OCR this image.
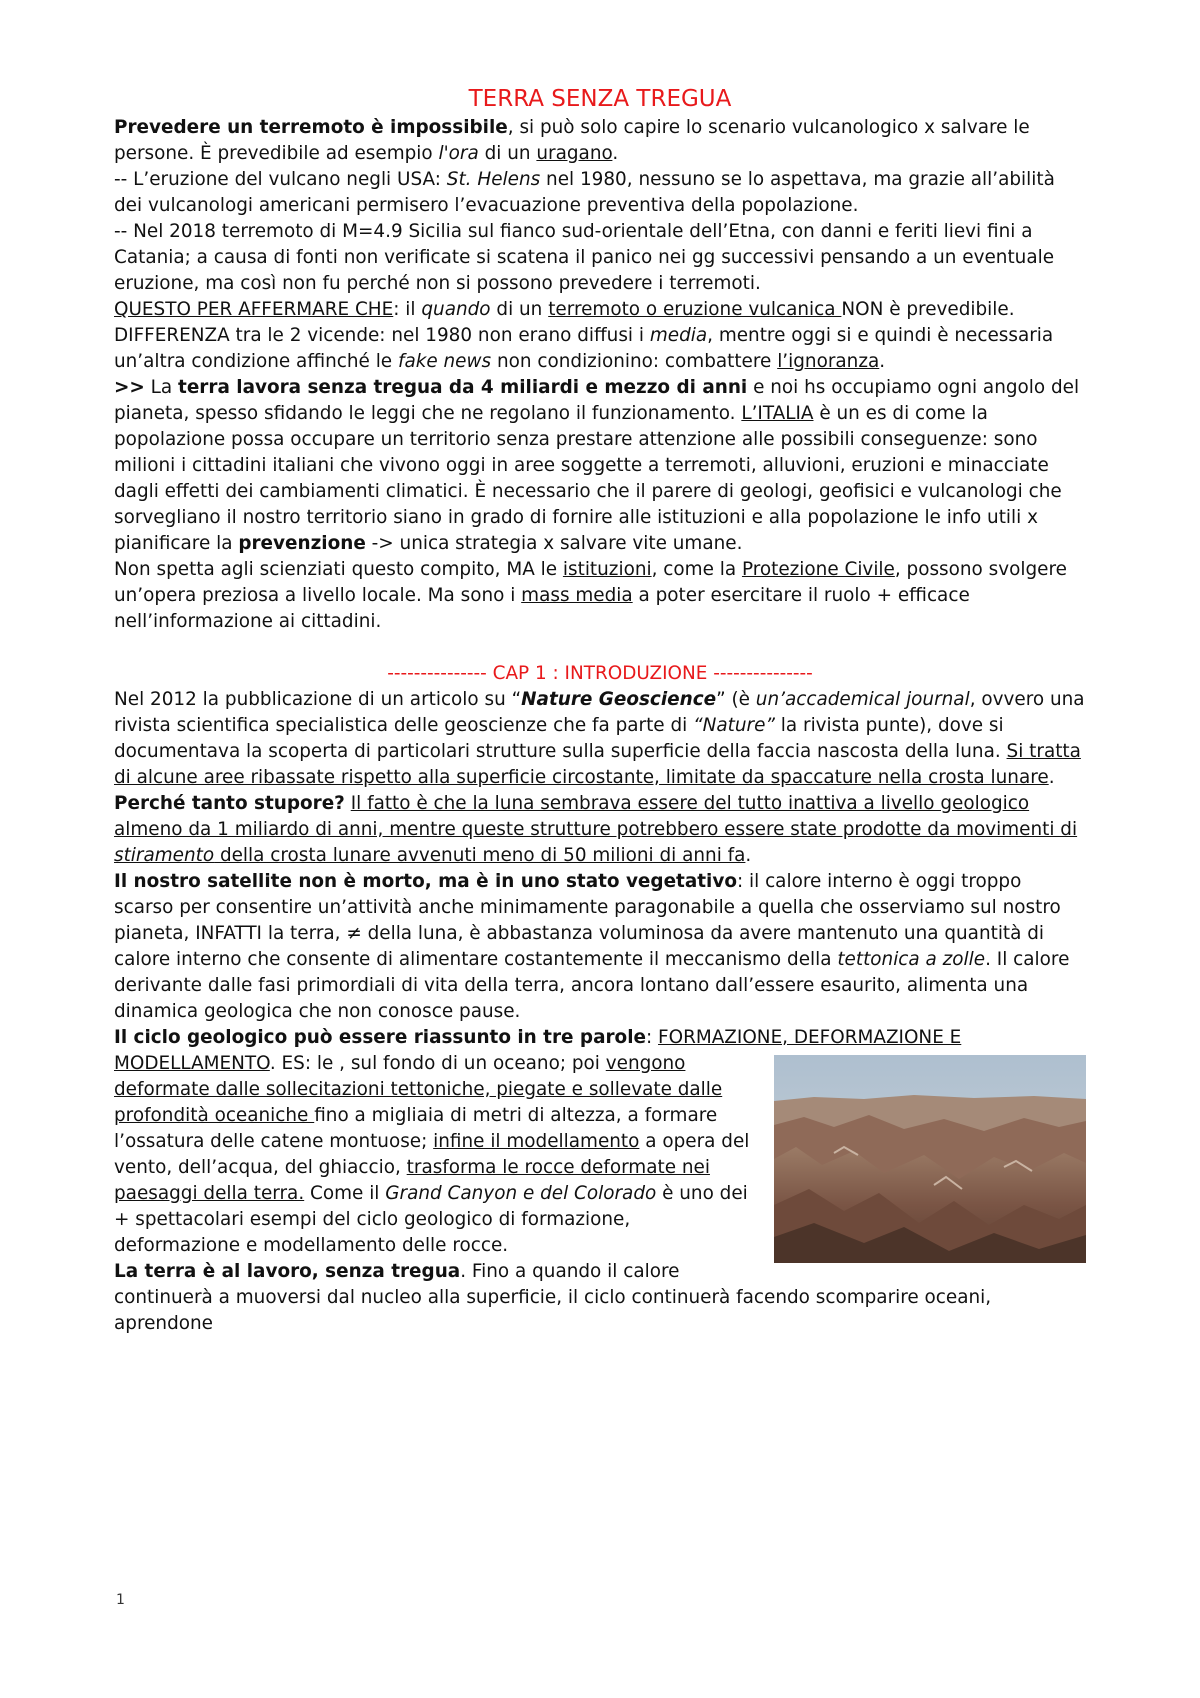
TERRA SENZA TREGUA

Prevedere un terremoto è impossibile, si può solo capire lo scenario vulcanologico x salvare le persone. È prevedibile ad esempio l'ora di un uragano.

-- L’eruzione del vulcano negli USA: St. Helens nel 1980, nessuno se lo aspettava, ma grazie all’abilità dei vulcanologi americani permisero l’evacuazione preventiva della popolazione.

-- Nel 2018 terremoto di M=4.9 Sicilia sul fianco sud-orientale dell’Etna, con danni e feriti lievi fini a Catania; a causa di fonti non verificate si scatena il panico nei gg successivi pensando a un eventuale eruzione, ma così non fu perché non si possono prevedere i terremoti.

QUESTO PER AFFERMARE CHE: il quando di un terremoto o eruzione vulcanica NON è prevedibile. DIFFERENZA tra le 2 vicende: nel 1980 non erano diffusi i media, mentre oggi si e quindi è necessaria un’altra condizione affinché le fake news non condizionino: combattere l’ignoranza.

>> La terra lavora senza tregua da 4 miliardi e mezzo di anni e noi hs occupiamo ogni angolo del pianeta, spesso sfidando le leggi che ne regolano il funzionamento. L’ITALIA è un es di come la popolazione possa occupare un territorio senza prestare attenzione alle possibili conseguenze: sono milioni i cittadini italiani che vivono oggi in aree soggette a terremoti, alluvioni, eruzioni e minacciate dagli effetti dei cambiamenti climatici. È necessario che il parere di geologi, geofisici e vulcanologi che sorvegliano il nostro territorio siano in grado di fornire alle istituzioni e alla popolazione le info utili x pianificare la prevenzione -> unica strategia x salvare vite umane.

Non spetta agli scienziati questo compito, MA le istituzioni, come la Protezione Civile, possono svolgere un’opera preziosa a livello locale. Ma sono i mass media a poter esercitare il ruolo + efficace nell’informazione ai cittadini.

--------------- CAP 1 : INTRODUZIONE ---------------

Nel 2012 la pubblicazione di un articolo su “Nature Geoscience” (è un’accademical journal, ovvero una rivista scientifica specialistica delle geoscienze che fa parte di “Nature” la rivista punte), dove si documentava la scoperta di particolari strutture sulla superficie della faccia nascosta della luna. Si tratta di alcune aree ribassate rispetto alla superficie circostante, limitate da spaccature nella crosta lunare. Perché tanto stupore? Il fatto è che la luna sembrava essere del tutto inattiva a livello geologico almeno da 1 miliardo di anni, mentre queste strutture potrebbero essere state prodotte da movimenti di stiramento della crosta lunare avvenuti meno di 50 milioni di anni fa.

Il nostro satellite non è morto, ma è in uno stato vegetativo: il calore interno è oggi troppo scarso per consentire un’attività anche minimamente paragonabile a quella che osserviamo sul nostro pianeta, INFATTI la terra, ≠ della luna, è abbastanza voluminosa da avere mantenuto una quantità di calore interno che consente di alimentare costantemente il meccanismo della tettonica a zolle. Il calore derivante dalle fasi primordiali di vita della terra, ancora lontano dall’essere esaurito, alimenta una dinamica geologica che non conosce pause.

Il ciclo geologico può essere riassunto in tre parole: FORMAZIONE, DEFORMAZIONE E MODELLAMENTO. ES: le
, sul fondo di un oceano; poi vengono deformate dalle sollecitazioni tettoniche, piegate e sollevate dalle profondità oceaniche fino a migliaia di metri di altezza, a formare l’ossatura delle catene montuose; infine il modellamento a opera del vento, dell’acqua, del ghiaccio, trasforma le rocce deformate nei paesaggi della terra. Come il Grand Canyon e del Colorado è uno dei + spettacolari esempi del ciclo geologico di formazione, deformazione e modellamento delle rocce.

La terra è al lavoro, senza tregua. Fino a quando il calore continuerà a muoversi dal nucleo alla superficie, il ciclo continuerà facendo scomparire oceani, aprendone

1
